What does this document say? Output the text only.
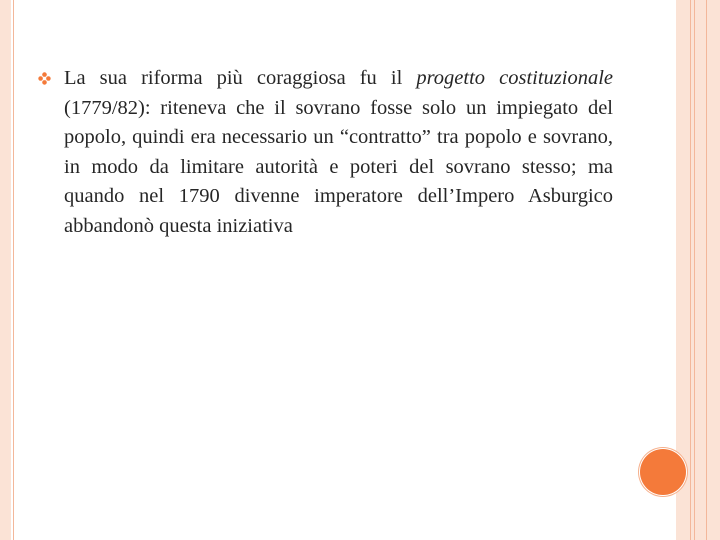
La sua riforma più coraggiosa fu il progetto costituzionale (1779/82): riteneva che il sovrano fosse solo un impiegato del popolo, quindi era necessario un “contratto” tra popolo e sovrano, in modo da limitare autorità e poteri del sovrano stesso; ma quando nel 1790 divenne imperatore dell’Impero Asburgico abbandonò questa iniziativa
